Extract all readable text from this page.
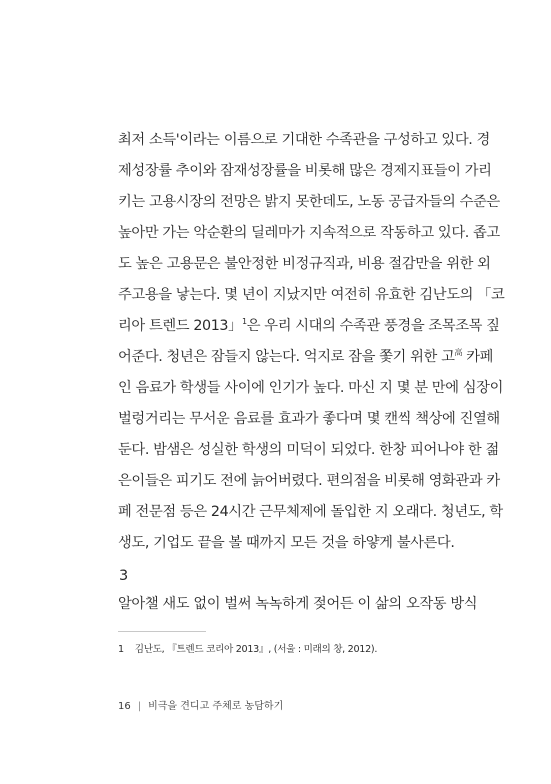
최저 소득'이라는 이름으로 기대한 수족관을 구성하고 있다. 경
제성장률 추이와 잠재성장률을 비롯해 많은 경제지표들이 가리
키는 고용시장의 전망은 밝지 못한데도, 노동 공급자들의 수준은
높아만 가는 악순환의 딜레마가 지속적으로 작동하고 있다. 좁고
도 높은 고용문은 불안정한 비정규직과, 비용 절감만을 위한 외
주고용을 낳는다. 몇 년이 지났지만 여전히 유효한 김난도의 「코
리아 트렌드 2013」$^1$은 우리 시대의 수족관 풍경을 조목조목 짚
어준다. 청년은 잠들지 않는다. 억지로 잠을 쫓기 위한 고$^高$ 카페
인 음료가 학생들 사이에 인기가 높다. 마신 지 몇 분 만에 심장이
벌렁거리는 무서운 음료를 효과가 좋다며 몇 캔씩 책상에 진열해
둔다. 밤샘은 성실한 학생의 미덕이 되었다. 한창 피어나야 한 젊
은이들은 피기도 전에 늙어버렸다. 편의점을 비롯해 영화관과 카
페 전문점 등은 24시간 근무체제에 돌입한 지 오래다. 청년도, 학
생도, 기업도 끝을 볼 때까지 모든 것을 하얗게 불사른다.
3
알아챌 새도 없이 벌써 녹녹하게 젖어든 이 삶의 오작동 방식
1 김난도, 『트렌드 코리아 2013』, (서울 : 미래의 창, 2012).
16 | 비극을 견디고 주체로 농담하기
